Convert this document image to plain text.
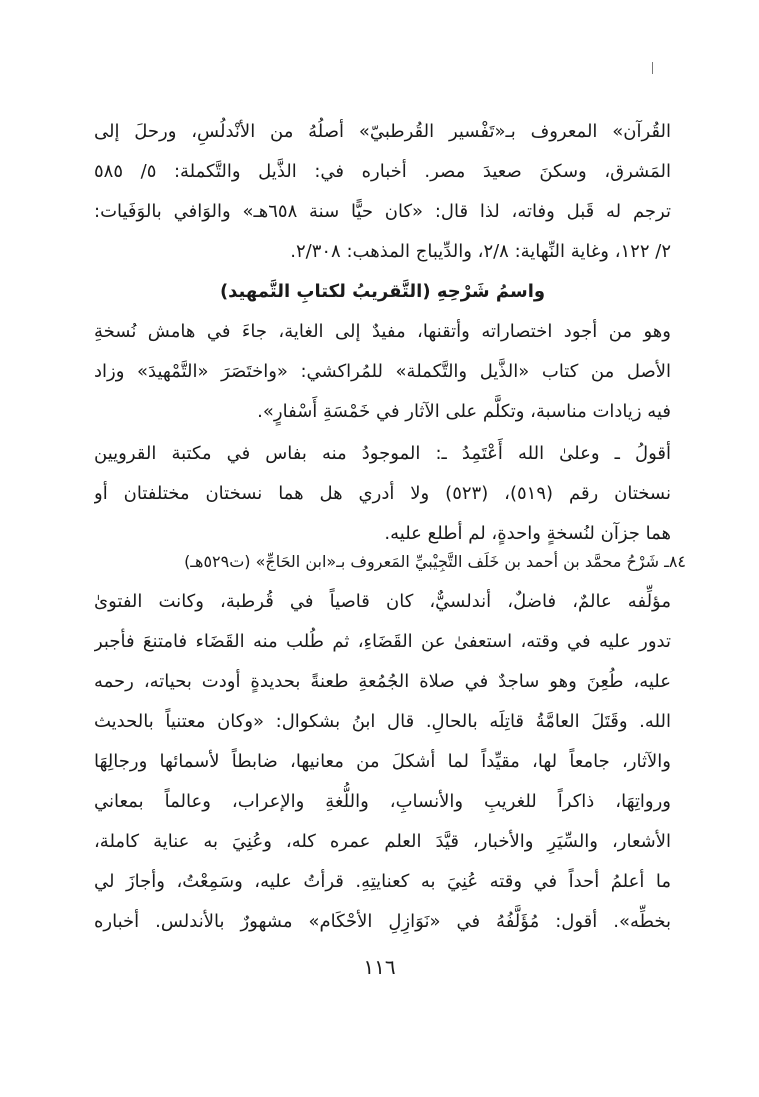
القُرآن» المعروف بـ«تَفْسير القُرطبيّ» أصلُهُ من الأنْدلُسِ، ورحلَ إلى
المَشرق، وسكنَ صعيدَ مصر. أخباره في: الذَّيل والتَّكملة: ٥/ ٥٨٥
ترجم له قَبل وفاته، لذا قال: «كان حيًّا سنة ٦٥٨هـ» والوَافي بالوَفَيات:
٢/ ١٢٢، وغاية النِّهاية: ٢/٨، والدِّيباج المذهب: ٢/٣٠٨.
واسمُ شَرْحِهِ (التَّقريبُ لكتابِ التَّمهيد)
وهو من أجود اختصاراته وأتقنها، مفيدٌ إلى الغاية، جاءَ في هامش نُسخةِ
الأصل من كتاب «الذَّيل والتَّكملة» للمُراكشي: «واختَصَرَ «التَّمْهيدَ» وزاد
فيه زيادات مناسبة، وتكلَّم على الآثار في خَمْسَةِ أَسْفارٍ».
أقولُ ـ وعلىٰ الله أَعْتَمِدُ ـ: الموجودُ منه بفاس في مكتبة القرويين
نسختان رقم (٥١٩)، (٥٢٣) ولا أدري هل هما نسختان مختلفتان أو
هما جزآن لنُسخةٍ واحدةٍ، لم أطلع عليه.
٨٤ـ شَرْحُ محمَّد بن أحمد بن خَلَف التَّجِيْبيِّ المَعروف بـ«ابن الحَاجِّ» (ت٥٢٩هـ)
مؤلِّفه عالمٌ، فاضلٌ، أندلسيٌّ، كان قاصياً في قُرطبة، وكانت الفتوىٰ
تدور عليه في وقته، استعفىٰ عن القَضَاءِ، ثم طُلب منه القَضَاء فامتنعَ فأجبر
عليه، طُعِنَ وهو ساجدٌ في صلاة الجُمُعةِ طعنةً بحديدةٍ أودت بحياته، رحمه
الله. وقَتَلَ العامَّةُ قاتِلَه بالحالِ. قال ابنُ بشكوال: «وكان معتنياً بالحديث
والآثار، جامعاً لها، مقيِّداً لما أشكلَ من معانيها، ضابطاً لأسمائها ورجالِهَا
ورواتِهَا، ذاكراً للغريبِ والأنسابِ، واللُّغةِ والإعراب، وعالماً بمعاني
الأشعار، والسِّيَرِ والأخبار، قيَّدَ العلم عمره كله، وعُنِيَ به عناية كاملة،
ما أعلمُ أحداً في وقته عُنِيَ به كعنايتِهِ. قرأتُ عليه، وسَمِعْتُ، وأجازَ لي
بخطِّه». أقول: مُؤَلَّفُهُ في «نَوَازِلِ الأحْكَام» مشهورٌ بالأندلس. أخباره
١١٦
